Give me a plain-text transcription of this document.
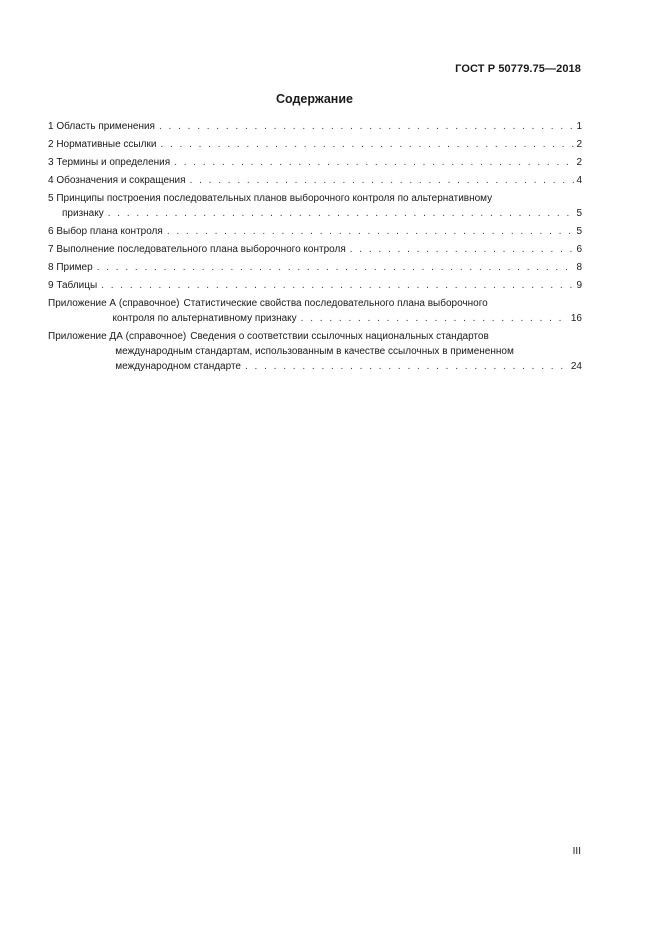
ГОСТ Р 50779.75—2018
Содержание
1 Область применения . . .	1
2 Нормативные ссылки . . .	2
3 Термины и определения . . .	2
4 Обозначения и сокращения . . .	4
5 Принципы построения последовательных планов выборочного контроля по альтернативному
признаку . . .	5
6 Выбор плана контроля . . .	5
7 Выполнение последовательного плана выборочного контроля . . .	6
8 Пример . . .	8
9 Таблицы . . .	9
Приложение А (справочное) Статистические свойства последовательного плана выборочного
контроля по альтернативному признаку . . .	16
Приложение ДА (справочное) Сведения о соответствии ссылочных национальных стандартов
международным стандартам, использованным в качестве ссылочных в примененном
международном стандарте . . .	24
III
